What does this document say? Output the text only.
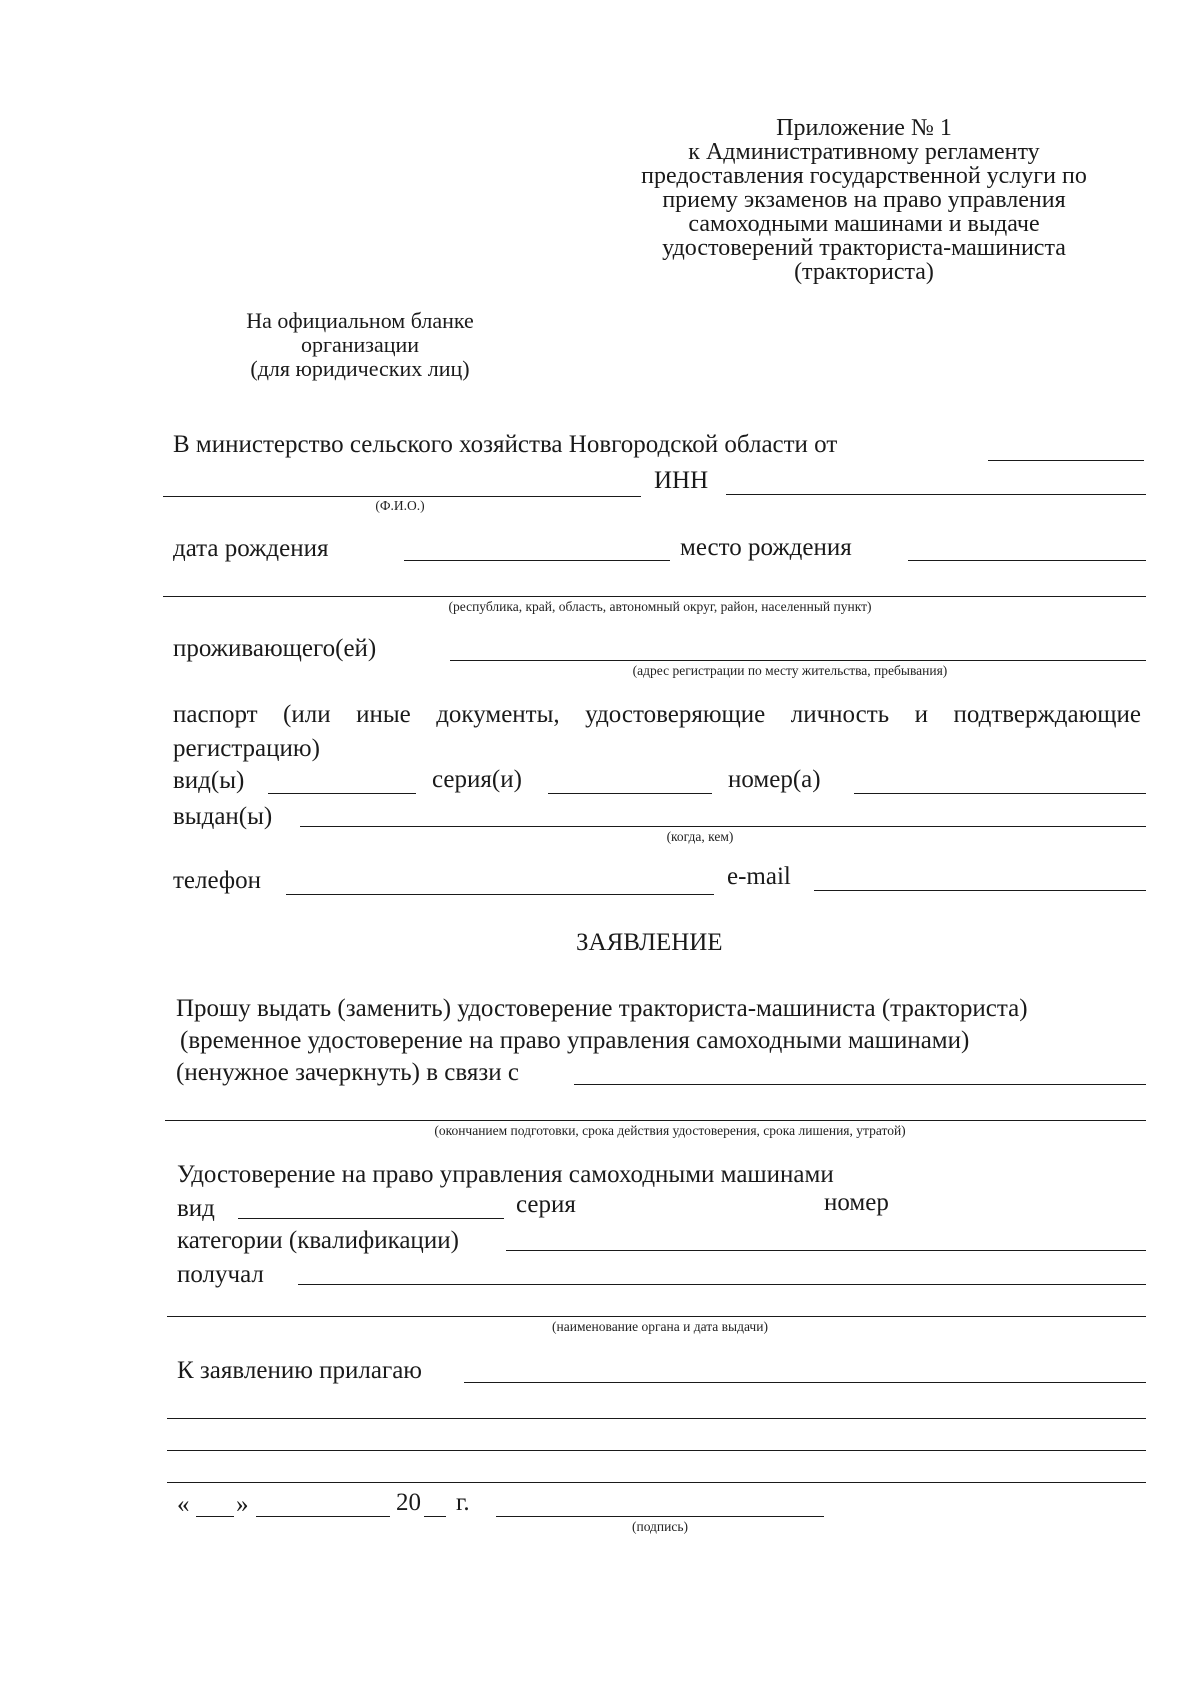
Приложение № 1
к Административному регламенту
предоставления государственной услуги по
приему экзаменов на право управления
самоходными машинами и выдаче
удостоверений тракториста-машиниста
(тракториста)
На официальном бланке
организации
(для юридических лиц)
В министерство сельского хозяйства Новгородской области от
ИНН
(Ф.И.О.)
дата рождения	место рождения
(республика, край, область, автономный округ, район, населенный пункт)
проживающего(ей)
(адрес регистрации по месту жительства, пребывания)
паспорт (или иные документы, удостоверяющие личность и подтверждающие
регистрацию)
вид(ы)	серия(и)	номер(а)
выдан(ы)
(когда, кем)
телефон	e-mail
ЗАЯВЛЕНИЕ
Прошу выдать (заменить) удостоверение тракториста-машиниста (тракториста)
(временное удостоверение на право управления самоходными машинами)
(ненужное зачеркнуть) в связи с
(окончанием подготовки, срока действия удостоверения, срока лишения, утратой)
Удостоверение на право управления самоходными машинами
вид	серия	номер
категории (квалификации)
получал
(наименование органа и дата выдачи)
К заявлению прилагаю
« »	20 г.
(подпись)
